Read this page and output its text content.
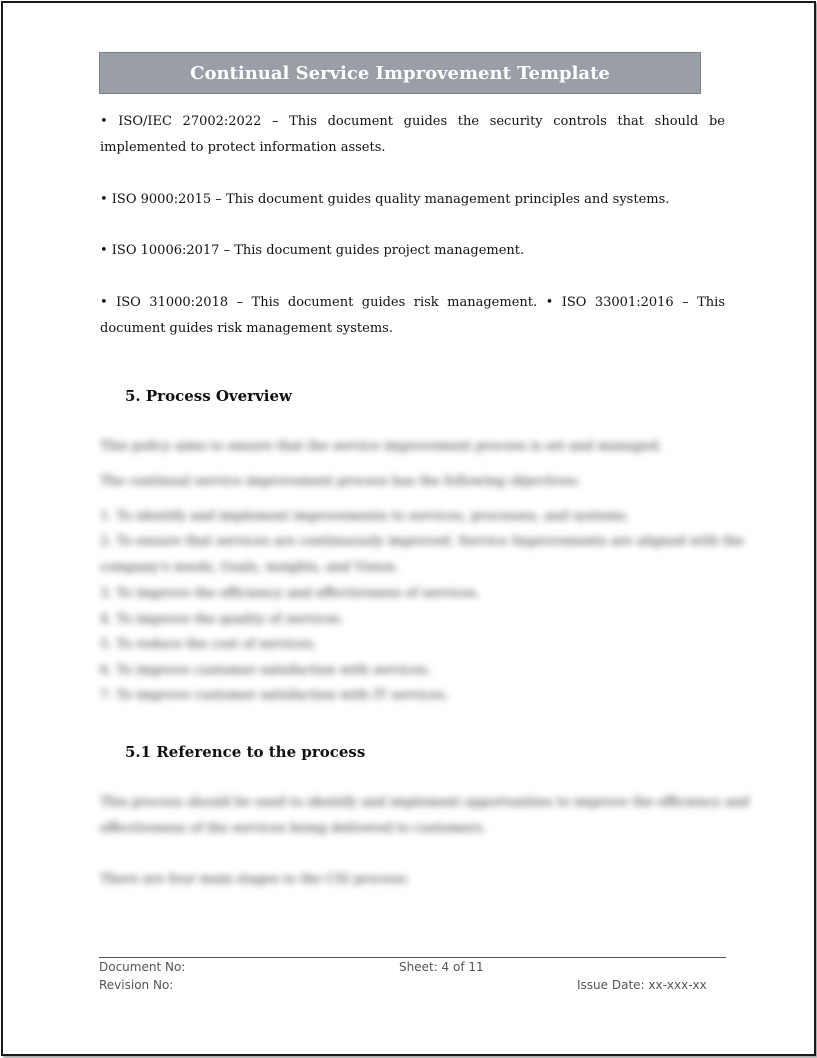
Continual Service Improvement Template
• ISO/IEC 27002:2022 – This document guides the security controls that should be implemented to protect information assets.
• ISO 9000:2015 – This document guides quality management principles and systems.
• ISO 10006:2017 – This document guides project management.
• ISO 31000:2018 – This document guides risk management. • ISO 33001:2016 – This document guides risk management systems.
5. Process Overview
This policy aims to ensure that the service improvement process is set and managed.
The continual service improvement process has the following objectives:
1. To identify and implement improvements to services, processes, and systems.
2. To ensure that services are continuously improved. Service Improvements are aligned with the
company's needs, Goals, insights, and Vision.
3. To improve the efficiency and effectiveness of services.
4. To improve the quality of services.
5. To reduce the cost of services.
6. To improve customer satisfaction with services.
7. To improve customer satisfaction with IT services.
5.1 Reference to the process
This process should be used to identify and implement opportunities to improve the efficiency and
effectiveness of the services being delivered to customers.
There are four main stages to the CSI process:
Document No:
Revision No:
Sheet: 4 of 11
Issue Date: xx-xxx-xx
